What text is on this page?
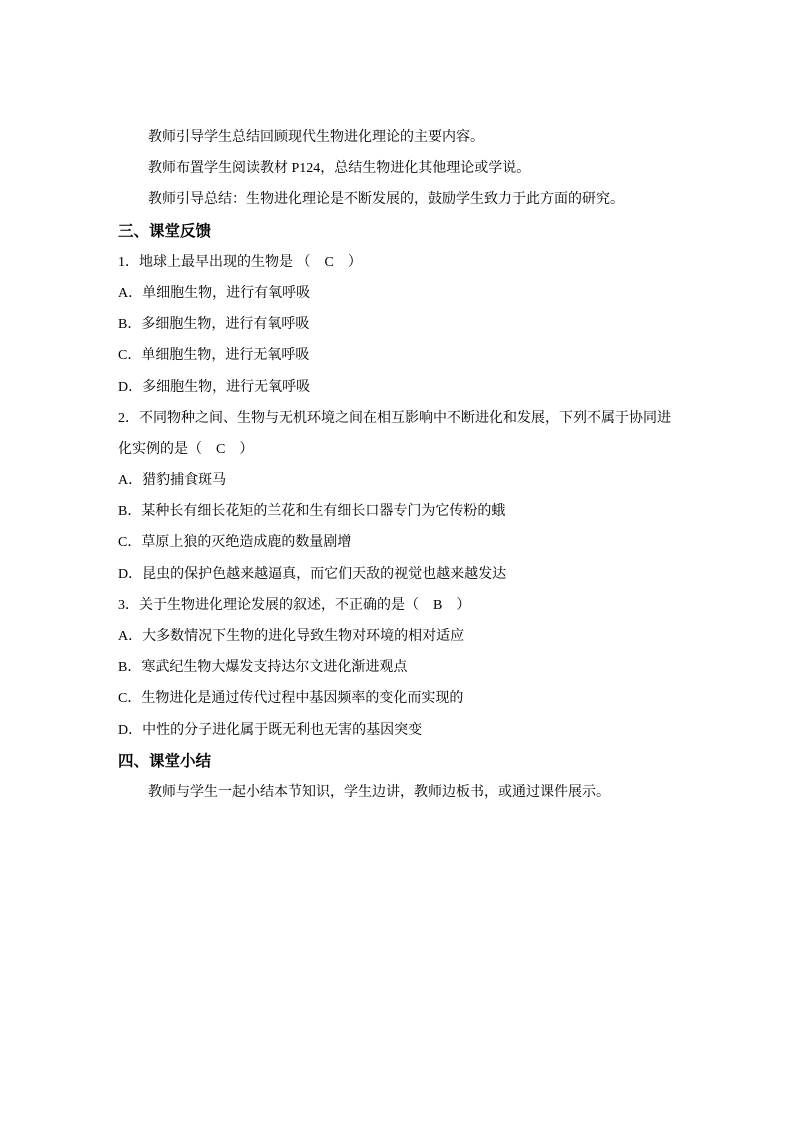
教师引导学生总结回顾现代生物进化理论的主要内容。
教师布置学生阅读教材 P124，总结生物进化其他理论或学说。
教师引导总结：生物进化理论是不断发展的，鼓励学生致力于此方面的研究。
三、课堂反馈
1．地球上最早出现的生物是 （　C　）
A．单细胞生物，进行有氧呼吸
B．多细胞生物，进行有氧呼吸
C．单细胞生物，进行无氧呼吸
D．多细胞生物，进行无氧呼吸
2．不同物种之间、生物与无机环境之间在相互影响中不断进化和发展，下列不属于协同进
化实例的是（　C　）
A．猎豹捕食斑马
B．某种长有细长花矩的兰花和生有细长口器专门为它传粉的蛾
C．草原上狼的灭绝造成鹿的数量剧增
D．昆虫的保护色越来越逼真，而它们天敌的视觉也越来越发达
3．关于生物进化理论发展的叙述，不正确的是（　B　）
A．大多数情况下生物的进化导致生物对环境的相对适应
B．寒武纪生物大爆发支持达尔文进化渐进观点
C．生物进化是通过传代过程中基因频率的变化而实现的
D．中性的分子进化属于既无利也无害的基因突变
四、课堂小结
教师与学生一起小结本节知识，学生边讲，教师边板书，或通过课件展示。
